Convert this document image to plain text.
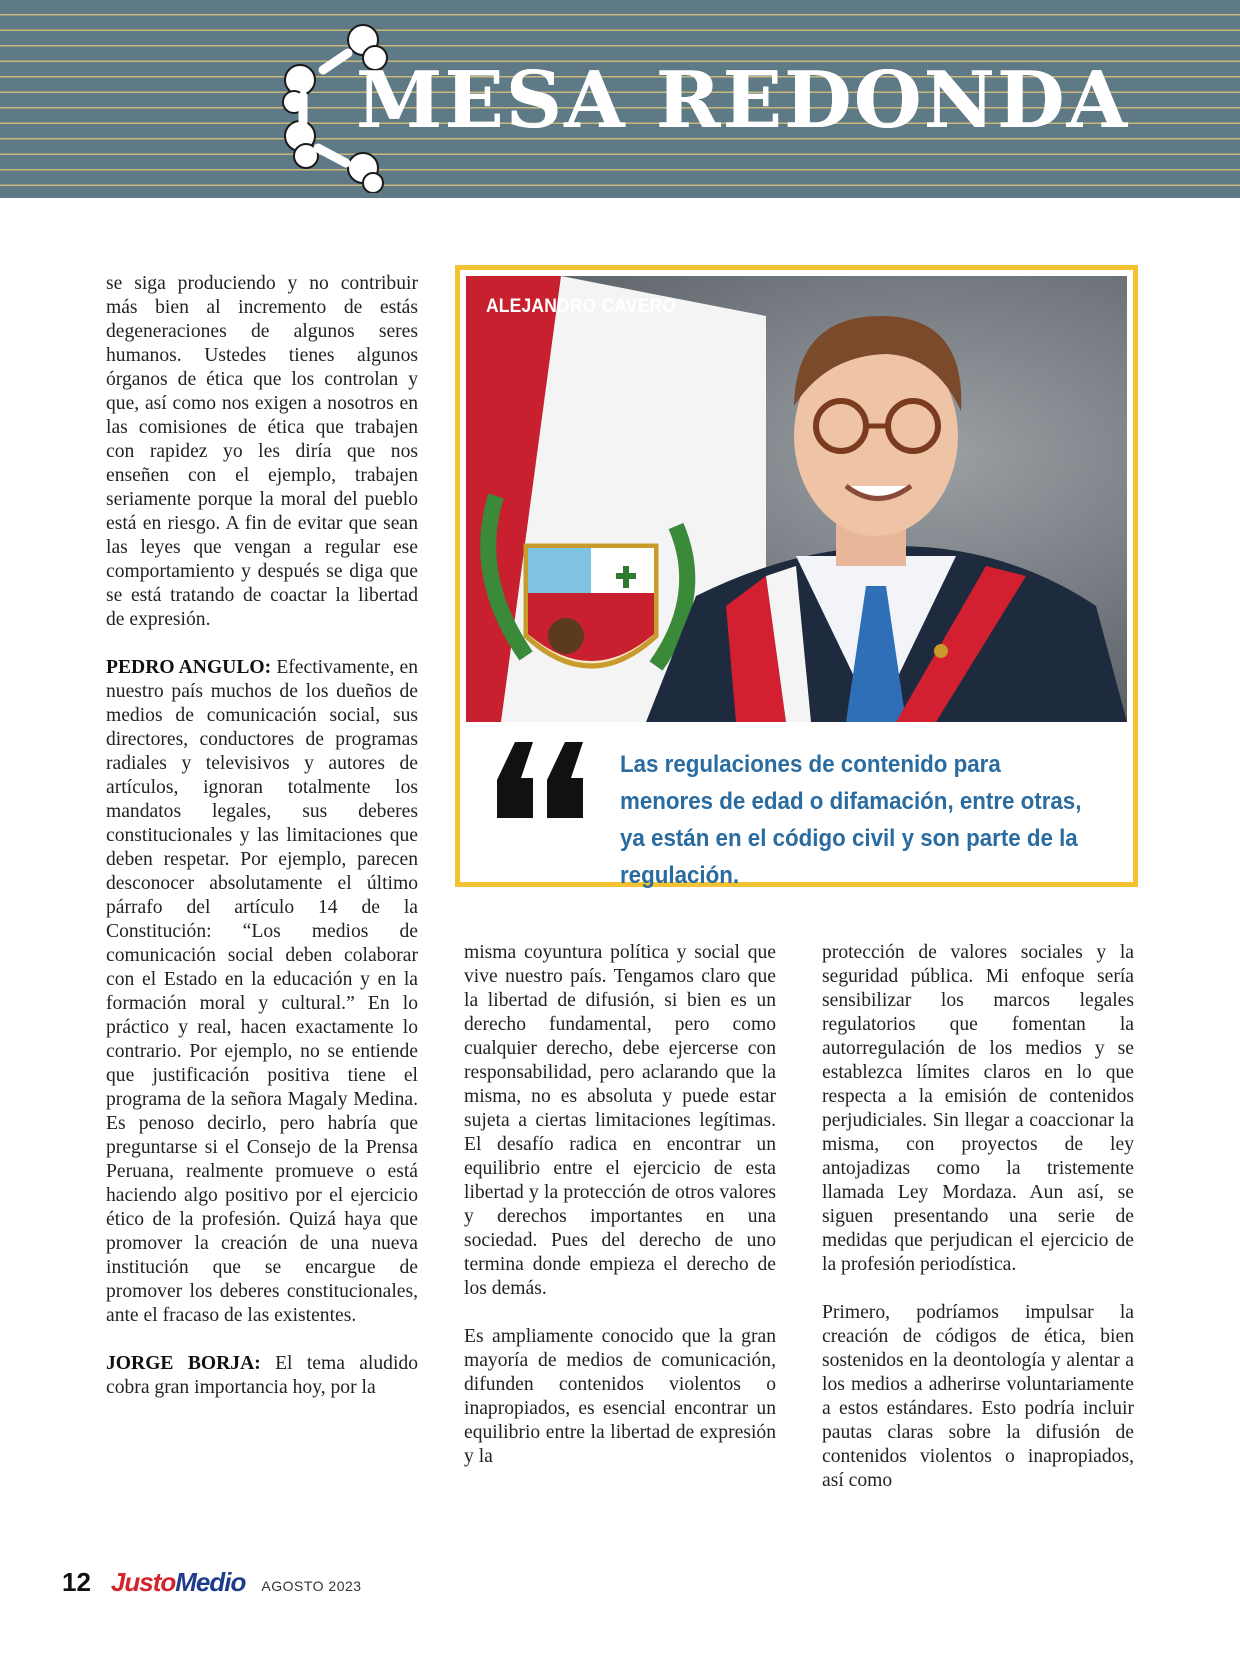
MESA REDONDA

se siga produciendo y no contribuir más bien al incremento de estás degeneraciones de algunos seres humanos. Ustedes tienes algunos órganos de ética que los controlan y que, así como nos exigen a nosotros en las comisiones de ética que trabajen con rapidez yo les diría que nos enseñen con el ejemplo, trabajen seriamente porque la moral del pueblo está en riesgo. A fin de evitar que sean las leyes que vengan a regular ese comportamiento y después se diga que se está tratando de coactar la libertad de expresión.

PEDRO ANGULO: Efectivamente, en nuestro país muchos de los dueños de medios de comunicación social, sus directores, conductores de programas radiales y televisivos y autores de artículos, ignoran totalmente los mandatos legales, sus deberes constitucionales y las limitaciones que deben respetar. Por ejemplo, parecen desconocer absolutamente el último párrafo del artículo 14 de la Constitución: “Los medios de comunicación social deben colaborar con el Estado en la educación y en la formación moral y cultural.” En lo práctico y real, hacen exactamente lo contrario. Por ejemplo, no se entiende que justificación positiva tiene el programa de la señora Magaly Medina. Es penoso decirlo, pero habría que preguntarse si el Consejo de la Prensa Peruana, realmente promueve o está haciendo algo positivo por el ejercicio ético de la profesión. Quizá haya que promover la creación de una nueva institución que se encargue de promover los deberes constitucionales, ante el fracaso de las existentes.

JORGE BORJA: El tema aludido cobra gran importancia hoy, por la

ALEJANDRO CAVERO
Las regulaciones de contenido para menores de edad o difamación, entre otras, ya están en el código civil y son parte de la regulación.

misma coyuntura política y social que vive nuestro país. Tengamos claro que la libertad de difusión, si bien es un derecho fundamental, pero como cualquier derecho, debe ejercerse con responsabilidad, pero aclarando que la misma, no es absoluta y puede estar sujeta a ciertas limitaciones legítimas. El desafío radica en encontrar un equilibrio entre el ejercicio de esta libertad y la protección de otros valores y derechos importantes en una sociedad. Pues del derecho de uno termina donde empieza el derecho de los demás.

Es ampliamente conocido que la gran mayoría de medios de comunicación, difunden contenidos violentos o inapropiados, es esencial encontrar un equilibrio entre la libertad de expresión y la

protección de valores sociales y la seguridad pública. Mi enfoque sería sensibilizar los marcos legales regulatorios que fomentan la autorregulación de los medios y se establezca límites claros en lo que respecta a la emisión de contenidos perjudiciales. Sin llegar a coaccionar la misma, con proyectos de ley antojadizas como la tristemente llamada Ley Mordaza. Aun así, se siguen presentando una serie de medidas que perjudican el ejercicio de la profesión periodística.

Primero, podríamos impulsar la creación de códigos de ética, bien sostenidos en la deontología y alentar a los medios a adherirse voluntariamente a estos estándares. Esto podría incluir pautas claras sobre la difusión de contenidos violentos o inapropiados, así como

12 JustoMedio AGOSTO 2023
